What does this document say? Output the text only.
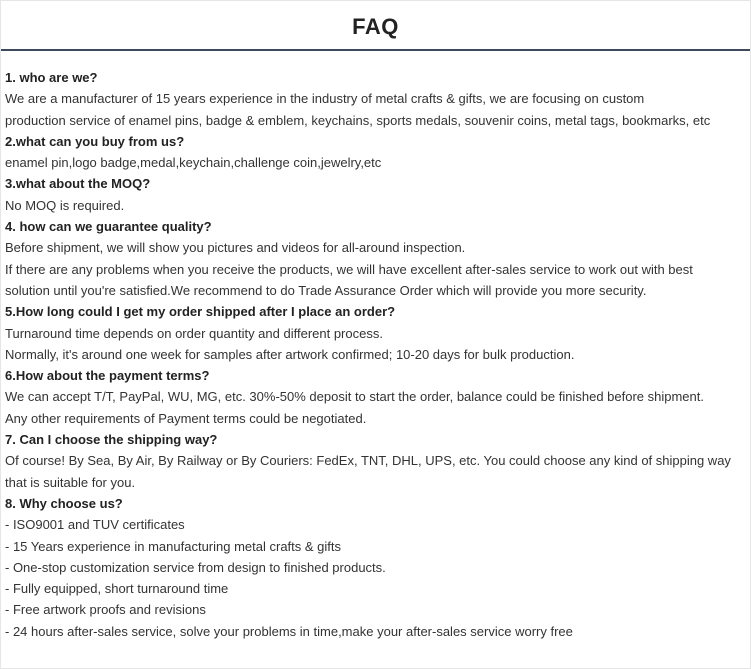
FAQ

1. who are we?

We are a manufacturer of 15 years experience in the industry of metal crafts & gifts, we are focusing on custom

production service of enamel pins, badge & emblem, keychains, sports medals, souvenir coins, metal tags, bookmarks, etc

2.what can you buy from us?

enamel pin,logo badge,medal,keychain,challenge coin,jewelry,etc

3.what about the MOQ?

No MOQ is required.

4. how can we guarantee quality?

Before shipment, we will show you pictures and videos for all-around inspection.

If there are any problems when you receive the products, we will have excellent after-sales service to work out with best

solution until you're satisfied.We recommend to do Trade Assurance Order which will provide you more security.

5.How long could I get my order shipped after I place an order?

Turnaround time depends on order quantity and different process.

Normally, it's around one week for samples after artwork confirmed; 10-20 days for bulk production.

6.How about the payment terms?

We can accept T/T, PayPal, WU, MG, etc. 30%-50% deposit to start the order, balance could be finished before shipment.

Any other requirements of Payment terms could be negotiated.

7. Can I choose the shipping way?

Of course! By Sea, By Air, By Railway or By Couriers: FedEx, TNT, DHL, UPS, etc. You could choose any kind of shipping way

that is suitable for you.

8. Why choose us?

- ISO9001 and TUV certificates

- 15 Years experience in manufacturing metal crafts & gifts

- One-stop customization service from design to finished products.

- Fully equipped, short turnaround time

- Free artwork proofs and revisions

- 24 hours after-sales service, solve your problems in time,make your after-sales service worry free
